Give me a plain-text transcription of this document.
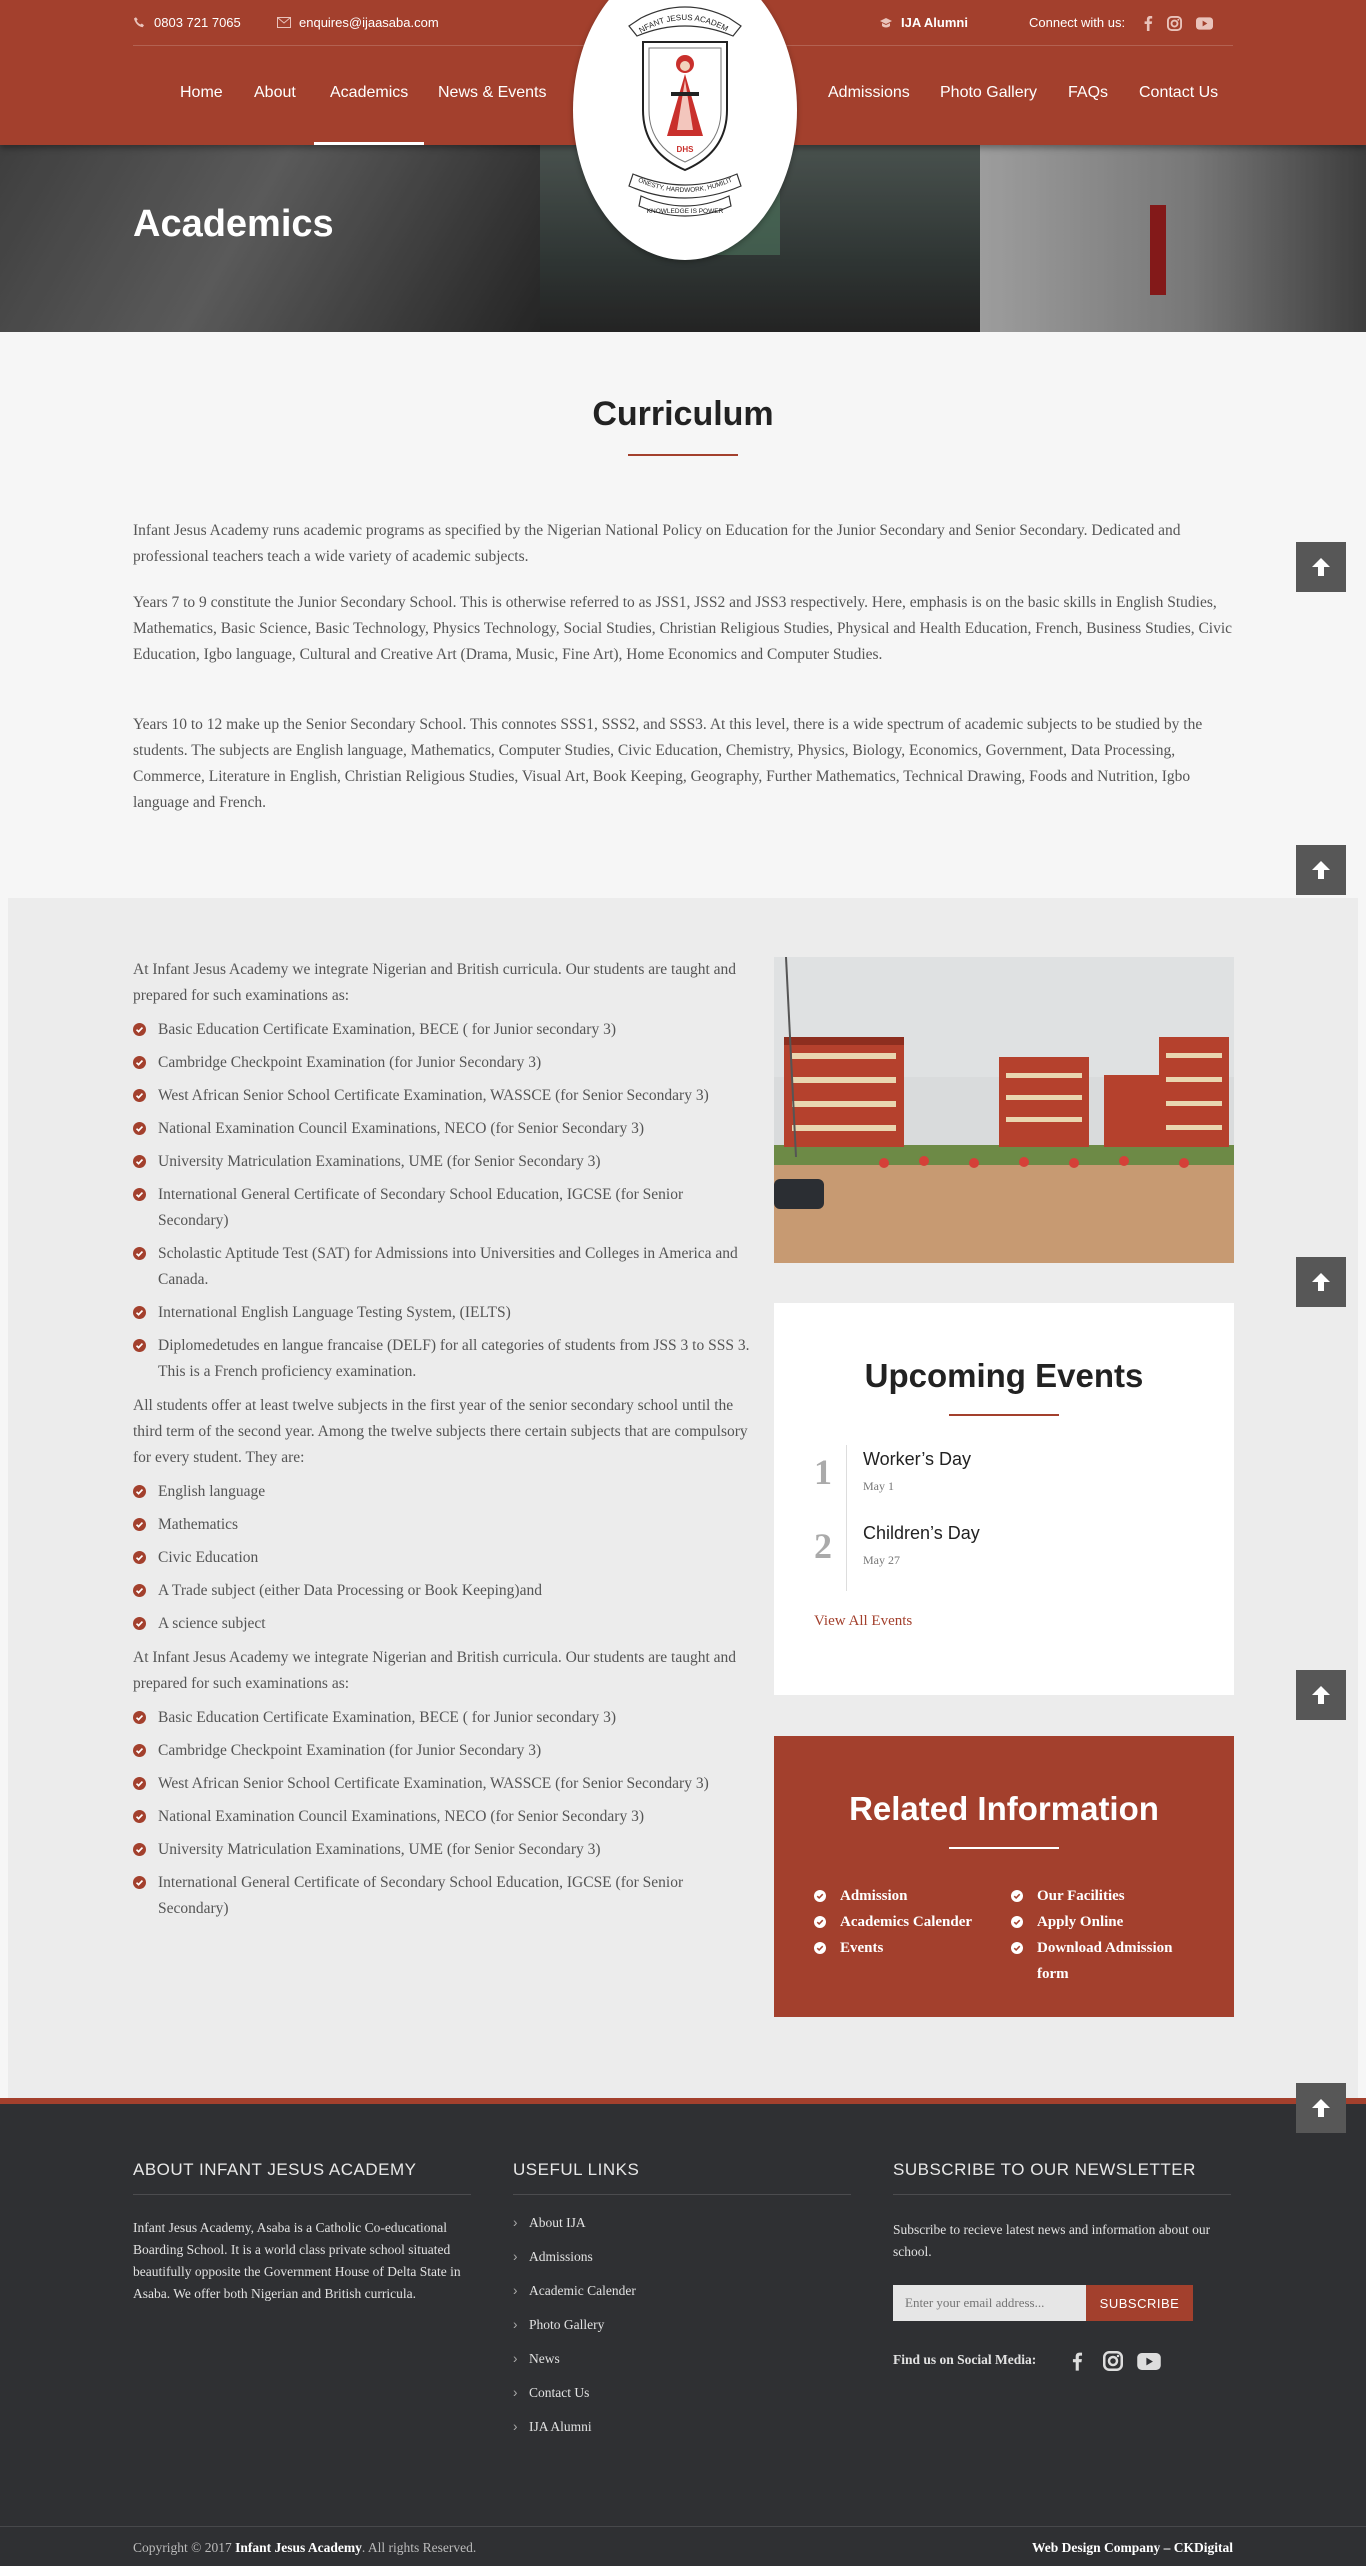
0803 721 7065	enquires@ijaasaba.com	IJA Alumni	Connect with us:
Home About Academics News & Events	Admissions Photo Gallery FAQs Contact Us
NFANT JESUS ACADEM
DHS
ONESTY, HARDWORK, HUMILIT
KNOWLEDGE IS POWER
Academics
Curriculum
Infant Jesus Academy runs academic programs as specified by the Nigerian National Policy on Education for the Junior Secondary and Senior Secondary. Dedicated and professional teachers teach a wide variety of academic subjects.
Years 7 to 9 constitute the Junior Secondary School. This is otherwise referred to as JSS1, JSS2 and JSS3 respectively. Here, emphasis is on the basic skills in English Studies, Mathematics, Basic Science, Basic Technology, Physics Technology, Social Studies, Christian Religious Studies, Physical and Health Education, French, Business Studies, Civic Education, Igbo language, Cultural and Creative Art (Drama, Music, Fine Art), Home Economics and Computer Studies.
Years 10 to 12 make up the Senior Secondary School. This connotes SSS1, SSS2, and SSS3. At this level, there is a wide spectrum of academic subjects to be studied by the students. The subjects are English language, Mathematics, Computer Studies, Civic Education, Chemistry, Physics, Biology, Economics, Government, Data Processing, Commerce, Literature in English, Christian Religious Studies, Visual Art, Book Keeping, Geography, Further Mathematics, Technical Drawing, Foods and Nutrition, Igbo language and French.

At Infant Jesus Academy we integrate Nigerian and British curricula. Our students are taught and prepared for such examinations as:

Basic Education Certificate Examination, BECE ( for Junior secondary 3)
Cambridge Checkpoint Examination (for Junior Secondary 3)
West African Senior School Certificate Examination, WASSCE (for Senior Secondary 3)
National Examination Council Examinations, NECO (for Senior Secondary 3)
University Matriculation Examinations, UME (for Senior Secondary 3)
International General Certificate of Secondary School Education, IGCSE (for Senior Secondary)
Scholastic Aptitude Test (SAT) for Admissions into Universities and Colleges in America and Canada.
International English Language Testing System, (IELTS)
Diplomedetudes en langue francaise (DELF) for all categories of students from JSS 3 to SSS 3. This is a French proficiency examination.

All students offer at least twelve subjects in the first year of the senior secondary school until the third term of the second year. Among the twelve subjects there certain subjects that are compulsory for every student. They are:

English language
Mathematics
Civic Education
A Trade subject (either Data Processing or Book Keeping)and
A science subject

At Infant Jesus Academy we integrate Nigerian and British curricula. Our students are taught and prepared for such examinations as:

Basic Education Certificate Examination, BECE ( for Junior secondary 3)
Cambridge Checkpoint Examination (for Junior Secondary 3)
West African Senior School Certificate Examination, WASSCE (for Senior Secondary 3)
National Examination Council Examinations, NECO (for Senior Secondary 3)
University Matriculation Examinations, UME (for Senior Secondary 3)
International General Certificate of Secondary School Education, IGCSE (for Senior Secondary)
Upcoming Events
1 Worker’s Day
May 1
2 Children’s Day
May 27
View All Events
Related Information
Admission
Academics Calender
Events
Our Facilities
Apply Online
Download Admission form
ABOUT INFANT JESUS ACADEMY

Infant Jesus Academy, Asaba is a Catholic Co-educational Boarding School. It is a world class private school situated beautifully opposite the Government House of Delta State in Asaba. We offer both Nigerian and British curricula.

USEFUL LINKS
› About IJA
› Admissions
› Academic Calender
› Photo Gallery
› News
› Contact Us
› IJA Alumni
SUBSCRIBE TO OUR NEWSLETTER

Subscribe to recieve latest news and information about our school.

Enter your email address...
SUBSCRIBE
Find us on Social Media:
Copyright © 2017 Infant Jesus Academy. All rights Reserved.	Web Design Company – CKDigital
